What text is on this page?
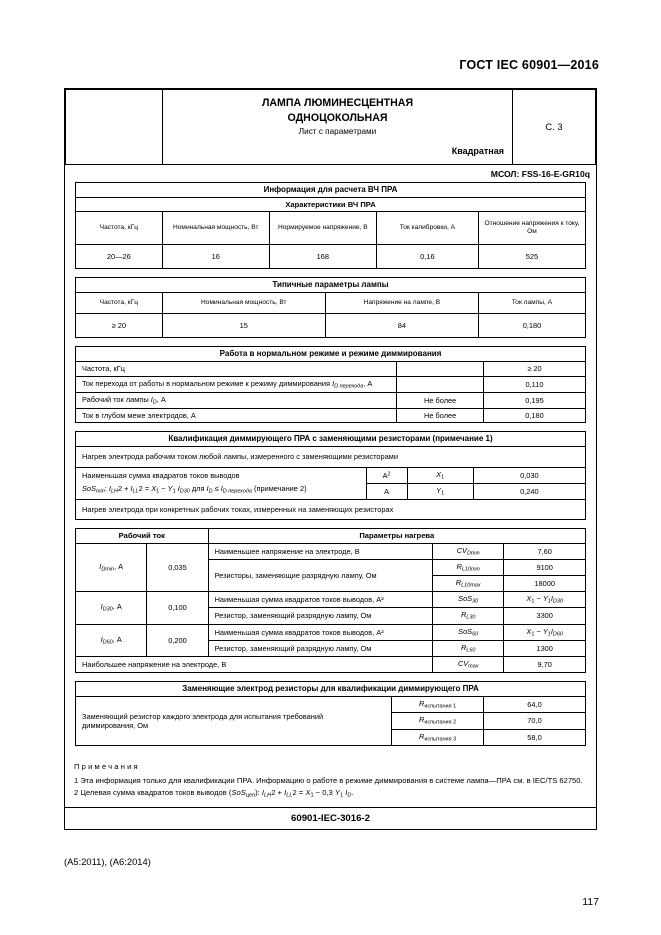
ГОСТ IEC 60901—2016

ЛАМПА ЛЮМИНЕСЦЕНТНАЯ
ОДНОЦОКОЛЬНАЯ
Лист с параметрами
Квадратная

С. 3
МСОЛ: FSS-16-E-GR10q
Информация для расчета ВЧ ПРА				
Характеристики ВЧ ПРА				
Частота, кГц	Номинальная мощность, Вт	Нормируемое напряжение, В	Ток калибровки, А	Отношение напряжения к току, Ом
20—26	16	168	0,16	525
Типичные параметры лампы			
Частота, кГц	Номинальная мощность, Вт	Напряжение на лампе, В	Ток лампы, А
≥ 20	15	84	0,180
Работа в нормальном режиме и режиме диммирования		
Частота, кГц		≥ 20
Ток перехода от работы в нормальном режиме к режиму диммирования $I_{D перехода}$, А		0,110
Рабочий ток лампы $I_D$, А	Не более	0,195
Ток в глубом меже электродов, А	Не более	0,180
Квалификация диммирующего ПРА с заменяющими резисторами (примечание 1)			
Нагрев электрода рабочим током любой лампы, измеренного с заменяющими резисторами			

Наименьшая сумма квадратов токов выводов
SoS$_{min}$: $I_{LH}2 + I_{LL}2 = X_1 - Y_1$ $I_{D30}$ для $I_D \le I_{D перехода}$ (примечание 2)	$A^2$	$X_1$	0,030
	A	$Y_1$	0,240
Нагрев электрода при конкретных рабочих токах, измеренных на заменяющих резисторах			
Рабочий ток		Параметры нагрева		
$I_{Dmin}$, А	0,035	Наименьшее напряжение на электроде, В	$CV_{Dmin}$	7,60
		Резисторы, заменяющие разрядную лампу, Ом	$R_{L10min}$	9100
			$R_{L10max}$	18000
$I_{D30}$, А	0,100	Наименьшая сумма квадратов токов выводов, А²	SoS$_{30}$	$X_1 - Y_1I_{D30}$
		Резистор, заменяющий разрядную лампу, Ом	$R_{L30}$	3300
$I_{D60}$, А	0,200	Наименьшая сумма квадратов токов выводов, А²	SoS$_{60}$	$X_1 - Y_1I_{D60}$
		Резистор, заменяющий разрядную лампу, Ом	$R_{L60}$	1300
Наибольшее напряжение на электроде, В			$CV_{max}$	9,70
Заменяющие электрод резисторы для квалификации диммирующего ПРА		

Заменяющий резистор каждого электрода для испытания требований
диммирования, Ом	$R_{испытания 1}$	64,0
	$R_{испытания 2}$	70,0
	$R_{испытания 3}$	58,0
Примечания
1 Эта информация только для квалификации ПРА. Информацию о работе в режиме диммирования в системе лампа—ПРА см. в IEC/TS 62750.
2 Целевая сумма квадратов токов выводов (SoS$_{цел}$): $I_{LH}2 + I_{LL}2 = X_1 - 0,3$ $Y_1$ $I_D$.
60901-IEC-3016-2
(A5:2011), (A6:2014)
117
